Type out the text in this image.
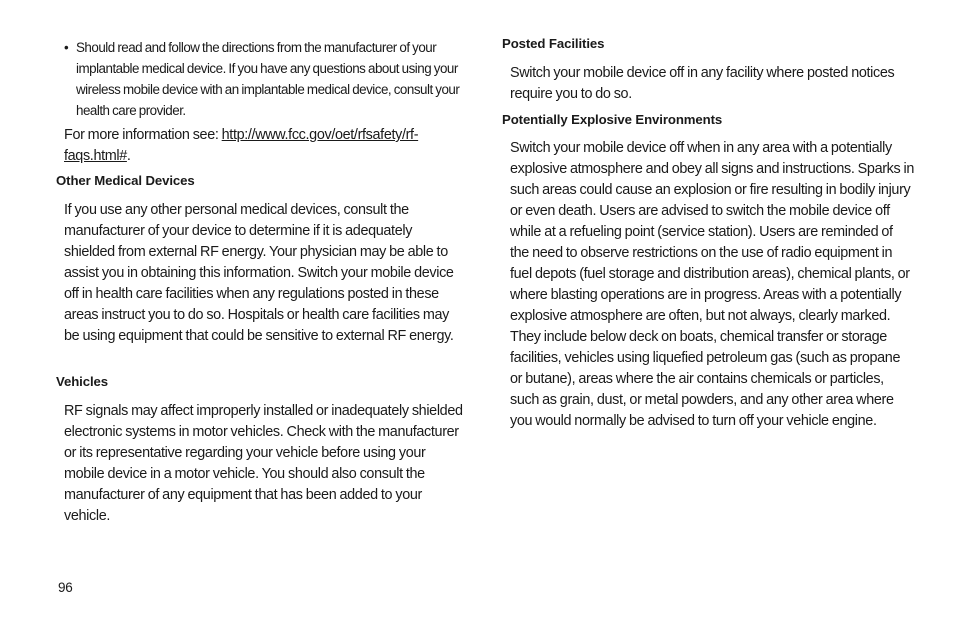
• Should read and follow the directions from the manufacturer of your implantable medical device. If you have any questions about using your wireless mobile device with an implantable medical device, consult your health care provider.

For more information see: http://www.fcc.gov/oet/rfsafety/rf-faqs.html#.

Other Medical Devices

If you use any other personal medical devices, consult the manufacturer of your device to determine if it is adequately shielded from external RF energy. Your physician may be able to assist you in obtaining this information. Switch your mobile device off in health care facilities when any regulations posted in these areas instruct you to do so. Hospitals or health care facilities may be using equipment that could be sensitive to external RF energy.

Vehicles

RF signals may affect improperly installed or inadequately shielded electronic systems in motor vehicles. Check with the manufacturer or its representative regarding your vehicle before using your mobile device in a motor vehicle. You should also consult the manufacturer of any equipment that has been added to your vehicle.

Posted Facilities

Switch your mobile device off in any facility where posted notices require you to do so.

Potentially Explosive Environments

Switch your mobile device off when in any area with a potentially explosive atmosphere and obey all signs and instructions. Sparks in such areas could cause an explosion or fire resulting in bodily injury or even death. Users are advised to switch the mobile device off while at a refueling point (service station). Users are reminded of the need to observe restrictions on the use of radio equipment in fuel depots (fuel storage and distribution areas), chemical plants, or where blasting operations are in progress. Areas with a potentially explosive atmosphere are often, but not always, clearly marked. They include below deck on boats, chemical transfer or storage facilities, vehicles using liquefied petroleum gas (such as propane or butane), areas where the air contains chemicals or particles, such as grain, dust, or metal powders, and any other area where you would normally be advised to turn off your vehicle engine.

96
